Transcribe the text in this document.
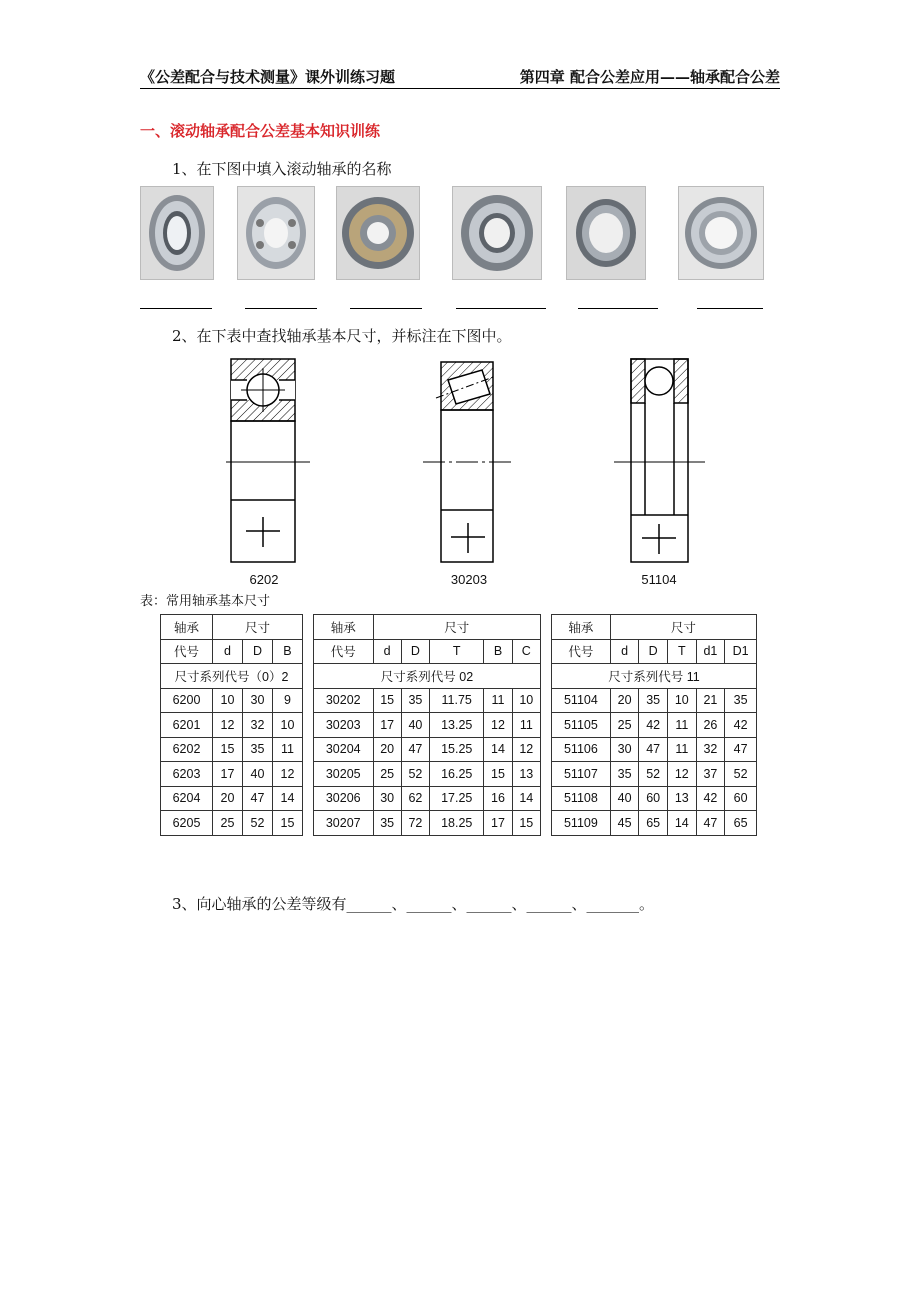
《公差配合与技术测量》课外训练习题	第四章 配合公差应用——轴承配合公差
一、滚动轴承配合公差基本知识训练
1、在下图中填入滚动轴承的名称
2、在下表中查找轴承基本尺寸，并标注在下图中。
6202	30203	51104
表：常用轴承基本尺寸
轴承	尺寸		
代号	d	D	B
尺寸系列代号（0）2			
6200	10	30	9
6201	12	32	10
6202	15	35	11
6203	17	40	12
6204	20	47	14
6205	25	52	15
轴承	尺寸				
代号	d	D	T	B	C
尺寸系列代号 02					
30202	15	35	11.75	11	10
30203	17	40	13.25	12	11
30204	20	47	15.25	14	12
30205	25	52	16.25	15	13
30206	30	62	17.25	16	14
30207	35	72	18.25	17	15
轴承	尺寸				
代号	d	D	T	d1	D1
尺寸系列代号 11					
51104	20	35	10	21	35
51105	25	42	11	26	42
51106	30	47	11	32	47
51107	35	52	12	37	52
51108	40	60	13	42	60
51109	45	65	14	47	65
3、向心轴承的公差等级有______、______、______、______、_______。
